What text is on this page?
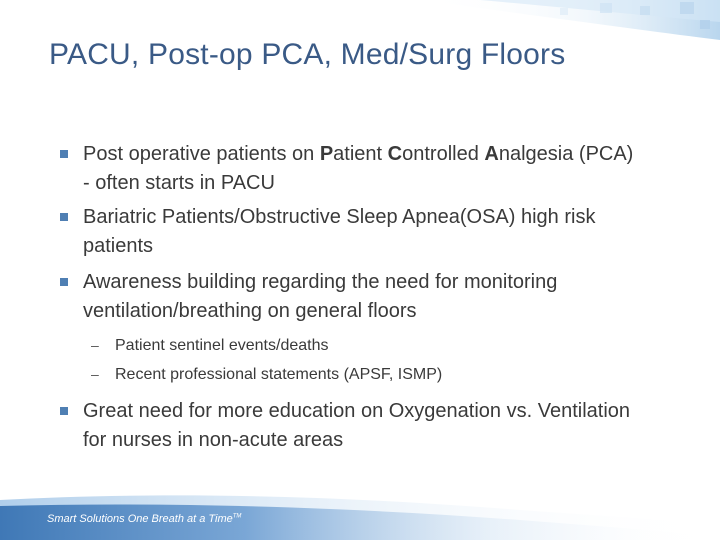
PACU, Post-op PCA, Med/Surg Floors
Post operative patients on Patient Controlled Analgesia (PCA)
- often starts in PACU
Bariatric Patients/Obstructive Sleep Apnea(OSA) high risk
patients
Awareness building regarding the need for monitoring
ventilation/breathing on general floors
– Patient sentinel events/deaths
– Recent professional statements (APSF, ISMP)
Great need for more education on Oxygenation vs. Ventilation
for nurses in non-acute areas
Smart Solutions One Breath at a Time™
